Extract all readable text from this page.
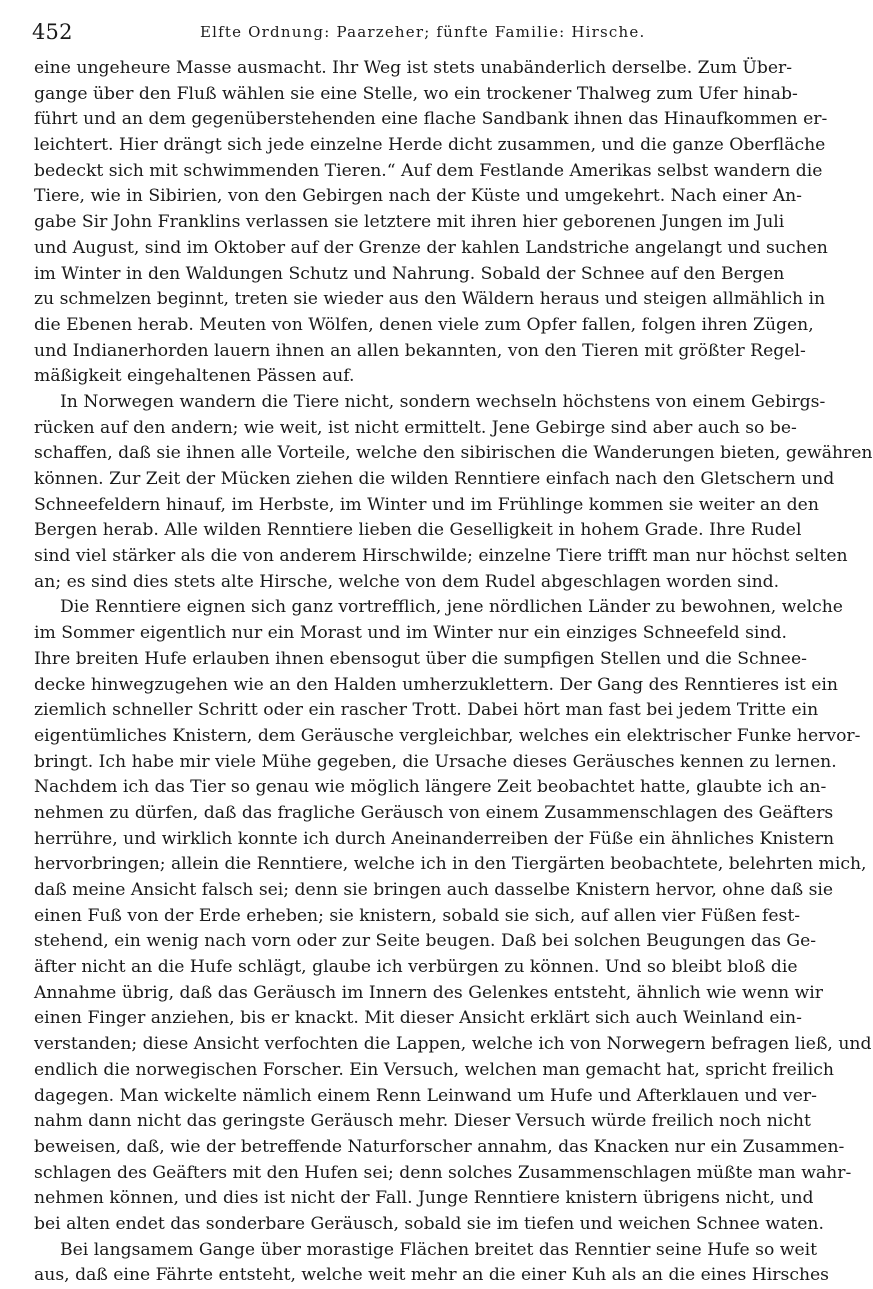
452	Elfte Ordnung: Paarzeher; fünfte Familie: Hirsche.
eine ungeheure Masse ausmacht. Ihr Weg ist stets unabänderlich derselbe. Zum Über-
gange über den Fluß wählen sie eine Stelle, wo ein trockener Thalweg zum Ufer hinab-
führt und an dem gegenüberstehenden eine flache Sandbank ihnen das Hinaufkommen er-
leichtert. Hier drängt sich jede einzelne Herde dicht zusammen, und die ganze Oberfläche
bedeckt sich mit schwimmenden Tieren.“ Auf dem Festlande Amerikas selbst wandern die
Tiere, wie in Sibirien, von den Gebirgen nach der Küste und umgekehrt. Nach einer An-
gabe Sir John Franklins verlassen sie letztere mit ihren hier geborenen Jungen im Juli
und August, sind im Oktober auf der Grenze der kahlen Landstriche angelangt und suchen
im Winter in den Waldungen Schutz und Nahrung. Sobald der Schnee auf den Bergen
zu schmelzen beginnt, treten sie wieder aus den Wäldern heraus und steigen allmählich in
die Ebenen herab. Meuten von Wölfen, denen viele zum Opfer fallen, folgen ihren Zügen,
und Indianerhorden lauern ihnen an allen bekannten, von den Tieren mit größter Regel-
mäßigkeit eingehaltenen Pässen auf.
In Norwegen wandern die Tiere nicht, sondern wechseln höchstens von einem Gebirgs-
rücken auf den andern; wie weit, ist nicht ermittelt. Jene Gebirge sind aber auch so be-
schaffen, daß sie ihnen alle Vorteile, welche den sibirischen die Wanderungen bieten, gewähren
können. Zur Zeit der Mücken ziehen die wilden Renntiere einfach nach den Gletschern und
Schneefeldern hinauf, im Herbste, im Winter und im Frühlinge kommen sie weiter an den
Bergen herab. Alle wilden Renntiere lieben die Geselligkeit in hohem Grade. Ihre Rudel
sind viel stärker als die von anderem Hirschwilde; einzelne Tiere trifft man nur höchst selten
an; es sind dies stets alte Hirsche, welche von dem Rudel abgeschlagen worden sind.
Die Renntiere eignen sich ganz vortrefflich, jene nördlichen Länder zu bewohnen, welche
im Sommer eigentlich nur ein Morast und im Winter nur ein einziges Schneefeld sind.
Ihre breiten Hufe erlauben ihnen ebensogut über die sumpfigen Stellen und die Schnee-
decke hinwegzugehen wie an den Halden umherzuklettern. Der Gang des Renntieres ist ein
ziemlich schneller Schritt oder ein rascher Trott. Dabei hört man fast bei jedem Tritte ein
eigentümliches Knistern, dem Geräusche vergleichbar, welches ein elektrischer Funke hervor-
bringt. Ich habe mir viele Mühe gegeben, die Ursache dieses Geräusches kennen zu lernen.
Nachdem ich das Tier so genau wie möglich längere Zeit beobachtet hatte, glaubte ich an-
nehmen zu dürfen, daß das fragliche Geräusch von einem Zusammenschlagen des Geäfters
herrühre, und wirklich konnte ich durch Aneinanderreiben der Füße ein ähnliches Knistern
hervorbringen; allein die Renntiere, welche ich in den Tiergärten beobachtete, belehrten mich,
daß meine Ansicht falsch sei; denn sie bringen auch dasselbe Knistern hervor, ohne daß sie
einen Fuß von der Erde erheben; sie knistern, sobald sie sich, auf allen vier Füßen fest-
stehend, ein wenig nach vorn oder zur Seite beugen. Daß bei solchen Beugungen das Ge-
äfter nicht an die Hufe schlägt, glaube ich verbürgen zu können. Und so bleibt bloß die
Annahme übrig, daß das Geräusch im Innern des Gelenkes entsteht, ähnlich wie wenn wir
einen Finger anziehen, bis er knackt. Mit dieser Ansicht erklärt sich auch Weinland ein-
verstanden; diese Ansicht verfochten die Lappen, welche ich von Norwegern befragen ließ, und
endlich die norwegischen Forscher. Ein Versuch, welchen man gemacht hat, spricht freilich
dagegen. Man wickelte nämlich einem Renn Leinwand um Hufe und Afterklauen und ver-
nahm dann nicht das geringste Geräusch mehr. Dieser Versuch würde freilich noch nicht
beweisen, daß, wie der betreffende Naturforscher annahm, das Knacken nur ein Zusammen-
schlagen des Geäfters mit den Hufen sei; denn solches Zusammenschlagen müßte man wahr-
nehmen können, und dies ist nicht der Fall. Junge Renntiere knistern übrigens nicht, und
bei alten endet das sonderbare Geräusch, sobald sie im tiefen und weichen Schnee waten.
Bei langsamem Gange über morastige Flächen breitet das Renntier seine Hufe so weit
aus, daß eine Fährte entsteht, welche weit mehr an die einer Kuh als an die eines Hirsches
